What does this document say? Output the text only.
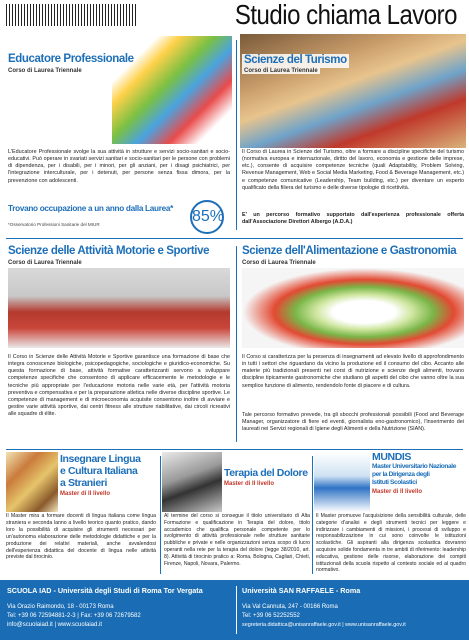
Studio chiama Lavoro
Educatore Professionale
Corso di Laurea Triennale
L'Educatore Professionale svolge la sua attività in strutture e servizi socio-sanitari e socio-educativi. Può operare in svariati servizi sanitari e socio-sanitari per le persone con problemi di dipendenza, per i disabili, per i minori, per gli anziani, per i disagi psichiatrici, per l'integrazione interculturale, per i detenuti, per persone senza fissa dimora, per la prevenzione con adolescenti.
Trovano occupazione a un anno dalla Laurea*	85%
*Osservatorio Professioni Sanitarie del MIUR
Scienze del Turismo
Corso di Laurea Triennale
Il Corso di Laurea in Scienze del Turismo, oltre a formare a discipline specifiche del turismo (normativa europea e internazionale, diritto del lavoro, economia e gestione delle imprese, etc.), consente di acquisire competenze tecniche (quali Adaptability, Problem Solving, Revenue Management, Web e Social Media Marketing, Food & Beverage Management, etc.) e competenze comunicative (Leadership, Team building, etc.) per diventare un esperto qualificato della filiera del turismo e delle diverse tipologie di ricettività.
E' un percorso formativo supportato dall'esperienza professionale offerta dall'Associazione Direttori Albergo (A.D.A.)
Scienze delle Attività Motorie e Sportive
Corso di Laurea Triennale
Il Corso in Scienze delle Attività Motorie e Sportive garantisce una formazione di base che integra conoscenze biologiche, psicopedagogiche, sociologiche e giuridico-economiche. Su questa formazione di base, attività formative caratterizzanti servono a sviluppare competenze specifiche che consentono di applicare efficacemente le metodologie e le tecniche più appropriate per l'educazione motoria nelle varie età, per l'attività motoria preventiva e compensativa e per la preparazione atletica nelle diverse discipline sportive. Le competenze di management e di microeconomia acquisite consentono inoltre di avviare e gestire varie attività sportive, dai centri fitness alle strutture riabilitative, dai circoli ricreativi alle squadre di élite.
Scienze dell'Alimentazione e Gastronomia
Corso di Laurea Triennale
Il Corso si caratterizza per la presenza di insegnamenti ad elevato livello di approfondimento in tutti i settori che riguardano da vicino la produzione ed il consumo del cibo. Accanto alle materie più tradizionali presenti nei corsi di nutrizione e scienze degli alimenti, trovano discipline tipicamente gastronomiche che studiano gli aspetti del cibo che vanno oltre la sua semplice funzione di alimento, rendendolo fonte di piacere e di cultura.
Tale percorso formativo prevede, tra gli sbocchi professionali possibili (Food and Beverage Manager, organizzatore di fiere ed eventi, giornalista eno-gastronomico), l'inserimento dei laureati nei Servizi regionali di Igiene degli Alimenti e della Nutrizione (SIAN).
Insegnare Lingua
e Cultura Italiana
a Stranieri
Master di II livello
Il Master mira a formare docenti di lingua italiana come lingua straniera e seconda lanno a livello teorico quanto pratico, dando loro la possibilità di acquisire gli strumenti necessari per un'autonoma elaborazione delle metodologie didattiche e per la produzione dei relativi materiali, anche avvalendosi dell'esperienza didattica del docente di lingua nelle attività previste dal tirocinio.
Terapia del Dolore
Master di II livello
Al termine del corso si consegue il titolo universitario di Alta Formazione e qualificazione in Terapia del dolore, titolo accademico che qualifica personale competente per lo svolgimento di attività professionale nelle strutture sanitarie pubbliche e private e nelle organizzazioni senza scopo di lucro operanti nella rete per la terapia del dolore (legge 38/2010, art. 8). Attività di tirocinio pratico a: Roma, Bologna, Cagliari, Chieti, Firenze, Napoli, Novara, Palermo.
MUNDIS
Master Universitario Nazionale
per la Dirigenza degli
Istituti Scolastici
Master di II livello
Il Master promuove l'acquisizione della sensibilità culturale, delle categorie d'analisi e degli strumenti tecnici per leggere e indirizzare i cambiamenti di missioni, i processi di sviluppo e responsabilizzazione in cui sono coinvolte le istituzioni scolastiche. Gli aspiranti alla dirigenza scolastica dovranno acquisire solide fondamenta in tre ambiti di riferimento: leadership educativa, gestione delle risorse, elaborazione dei compiti istituzionali della scuola rispetto al contesto sociale ed al quadro normativo.
SCUOLA IAD - Università degli Studi di Roma Tor Vergata
Via Orazio Raimondo, 18 - 00173 Roma
Tel: +39 06 72594881-2-3 | Fax: +39 06 72679582
info@scuolaiad.it | www.scuolaiad.it
Università SAN RAFFAELE - Roma
Via Val Cannuta, 247 - 00166 Roma
Tel: +39 06 52252552
segreteria.didattica@unisanraffaele.gov.it | www.unisanraffaele.gov.it
